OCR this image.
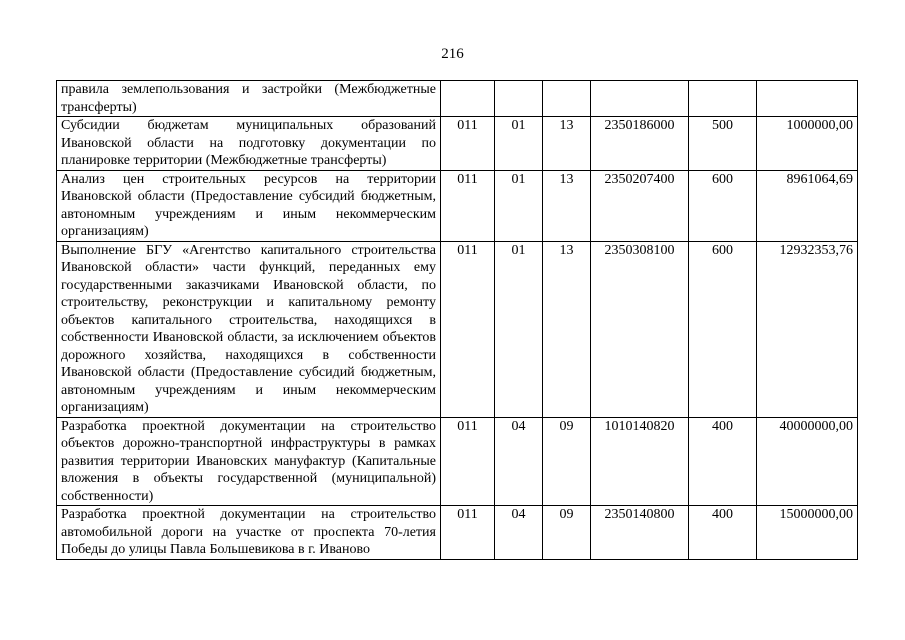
216
правила землепользования и застройки (Межбюджетные трансферты)						
Субсидии бюджетам муниципальных образований Ивановской области на подготовку документации по планировке территории (Межбюджетные трансферты)	011	01	13	2350186000	500	1000000,00
Анализ цен строительных ресурсов на территории Ивановской области (Предоставление субсидий бюджетным, автономным учреждениям и иным некоммерческим организациям)	011	01	13	2350207400	600	8961064,69
Выполнение БГУ «Агентство капитального строительства Ивановской области» части функций, переданных ему государственными заказчиками Ивановской области, по строительству, реконструкции и капитальному ремонту объектов капитального строительства, находящихся в собственности Ивановской области, за исключением объектов дорожного хозяйства, находящихся в собственности Ивановской области (Предоставление субсидий бюджетным, автономным учреждениям и иным некоммерческим организациям)	011	01	13	2350308100	600	12932353,76
Разработка проектной документации на строительство объектов дорожно-транспортной инфраструктуры в рамках развития территории Ивановских мануфактур (Капитальные вложения в объекты государственной (муниципальной) собственности)	011	04	09	1010140820	400	40000000,00
Разработка проектной документации на строительство автомобильной дороги на участке от проспекта 70-летия Победы до улицы Павла Большевикова в г. Иваново	011	04	09	2350140800	400	15000000,00
